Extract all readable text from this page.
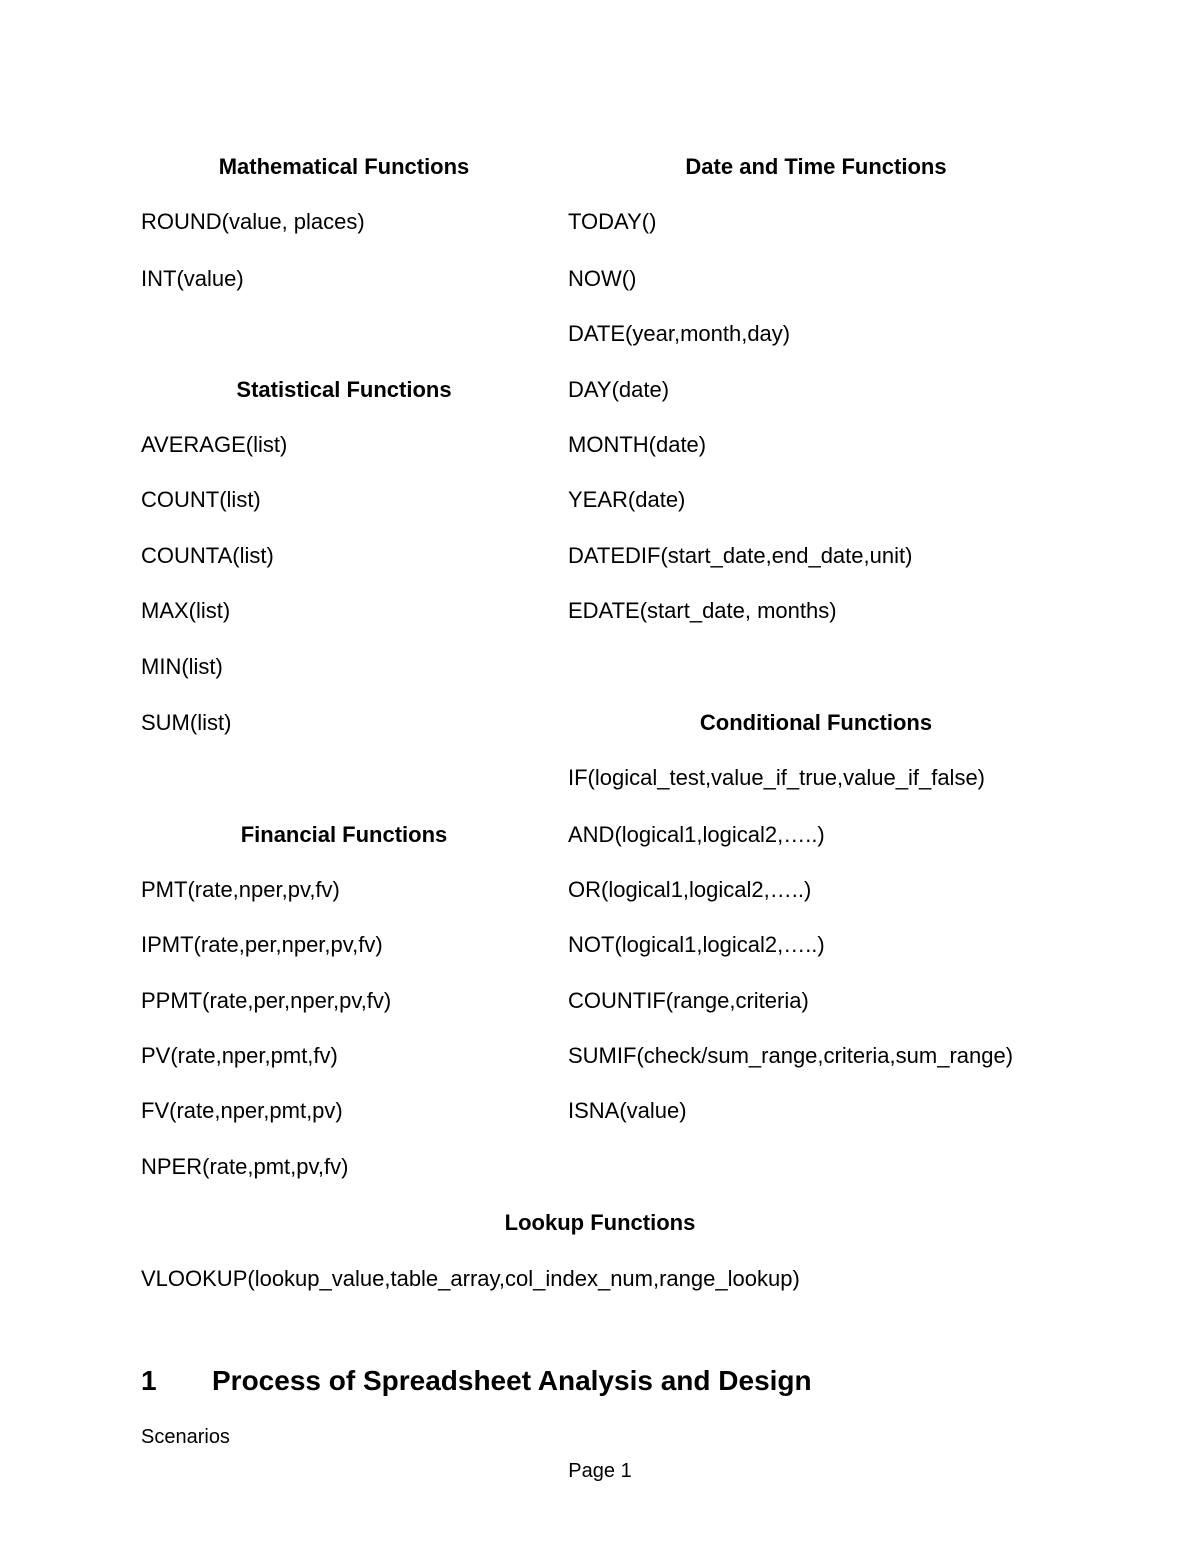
Mathematical Functions
ROUND(value, places)
INT(value)
Statistical Functions
AVERAGE(list)
COUNT(list)
COUNTA(list)
MAX(list)
MIN(list)
SUM(list)
Financial Functions
PMT(rate,nper,pv,fv)
IPMT(rate,per,nper,pv,fv)
PPMT(rate,per,nper,pv,fv)
PV(rate,nper,pmt,fv)
FV(rate,nper,pmt,pv)
NPER(rate,pmt,pv,fv)
Date and Time Functions
TODAY()
NOW()
DATE(year,month,day)
DAY(date)
MONTH(date)
YEAR(date)
DATEDIF(start_date,end_date,unit)
EDATE(start_date, months)
Conditional Functions
IF(logical_test,value_if_true,value_if_false)
AND(logical1,logical2,…..)
OR(logical1,logical2,…..)
NOT(logical1,logical2,…..)
COUNTIF(range,criteria)
SUMIF(check/sum_range,criteria,sum_range)
ISNA(value)
Lookup Functions
VLOOKUP(lookup_value,table_array,col_index_num,range_lookup)
1 Process of Spreadsheet Analysis and Design
Scenarios
Page 1
